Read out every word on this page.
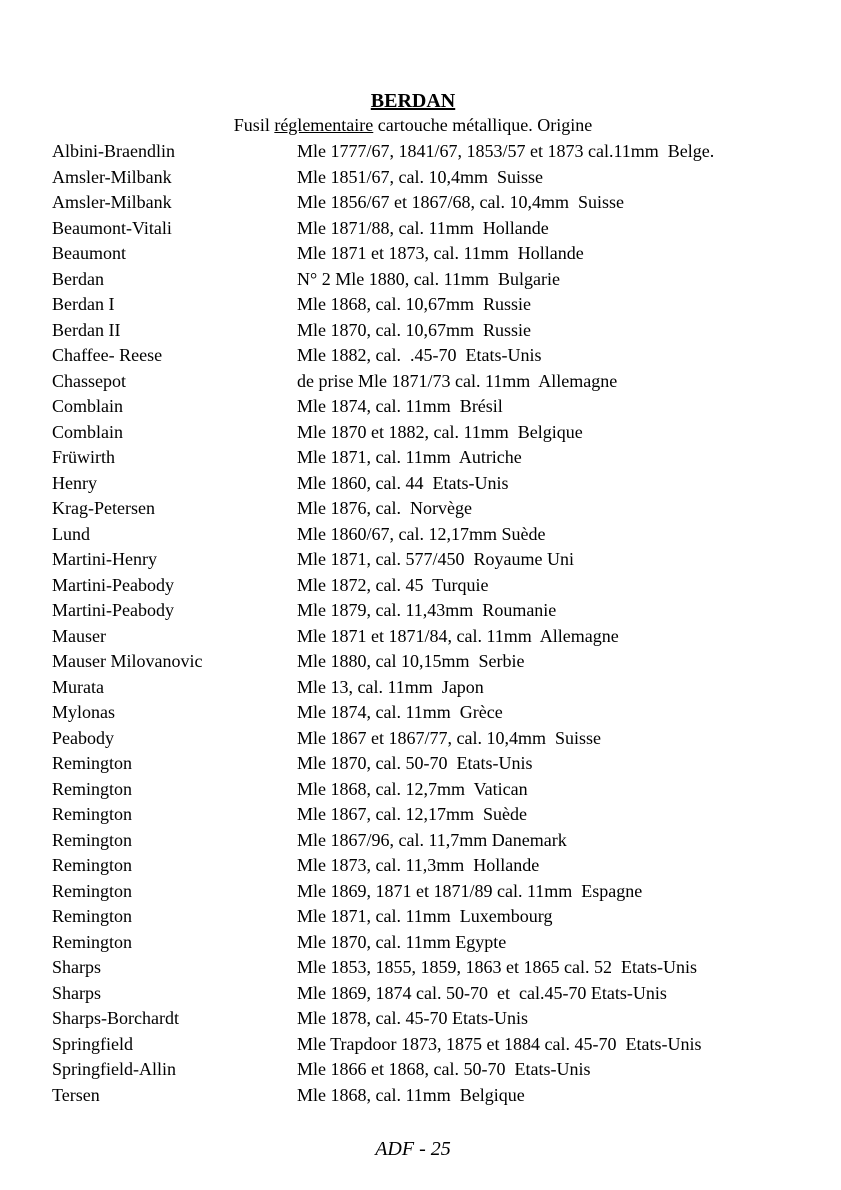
BERDAN
Fusil réglementaire cartouche métallique. Origine
Albini-Braendlin	Mle 1777/67, 1841/67, 1853/57 et 1873 cal.11mm  Belge.
Amsler-Milbank	Mle 1851/67, cal. 10,4mm  Suisse
Amsler-Milbank	Mle 1856/67 et 1867/68, cal. 10,4mm  Suisse
Beaumont-Vitali	Mle 1871/88, cal. 11mm  Hollande
Beaumont	Mle 1871 et 1873, cal. 11mm  Hollande
Berdan	N° 2 Mle 1880, cal. 11mm  Bulgarie
Berdan I	Mle 1868, cal. 10,67mm  Russie
Berdan II	Mle 1870, cal. 10,67mm  Russie
Chaffee- Reese	Mle 1882, cal.  .45-70  Etats-Unis
Chassepot	de prise Mle 1871/73 cal. 11mm  Allemagne
Comblain	Mle 1874, cal. 11mm  Brésil
Comblain	Mle 1870 et 1882, cal. 11mm  Belgique
Früwirth	Mle 1871, cal. 11mm  Autriche
Henry	Mle 1860, cal. 44  Etats-Unis
Krag-Petersen	Mle 1876, cal.  Norvège
Lund	Mle 1860/67, cal. 12,17mm Suède
Martini-Henry	Mle 1871, cal. 577/450  Royaume Uni
Martini-Peabody	Mle 1872, cal. 45  Turquie
Martini-Peabody	Mle 1879, cal. 11,43mm  Roumanie
Mauser	Mle 1871 et 1871/84, cal. 11mm  Allemagne
Mauser Milovanovic	Mle 1880, cal 10,15mm  Serbie
Murata	Mle 13, cal. 11mm  Japon
Mylonas	Mle 1874, cal. 11mm  Grèce
Peabody	Mle 1867 et 1867/77, cal. 10,4mm  Suisse
Remington	Mle 1870, cal. 50-70  Etats-Unis
Remington	Mle 1868, cal. 12,7mm  Vatican
Remington	Mle 1867, cal. 12,17mm  Suède
Remington	Mle 1867/96, cal. 11,7mm Danemark
Remington	Mle 1873, cal. 11,3mm  Hollande
Remington	Mle 1869, 1871 et 1871/89 cal. 11mm  Espagne
Remington	Mle 1871, cal. 11mm  Luxembourg
Remington	Mle 1870, cal. 11mm Egypte
Sharps	Mle 1853, 1855, 1859, 1863 et 1865 cal. 52  Etats-Unis
Sharps	Mle 1869, 1874 cal. 50-70  et  cal.45-70 Etats-Unis
Sharps-Borchardt	Mle 1878, cal. 45-70 Etats-Unis
Springfield	Mle Trapdoor 1873, 1875 et 1884 cal. 45-70  Etats-Unis
Springfield-Allin	Mle 1866 et 1868, cal. 50-70  Etats-Unis
Tersen	Mle 1868, cal. 11mm  Belgique
ADF - 25
